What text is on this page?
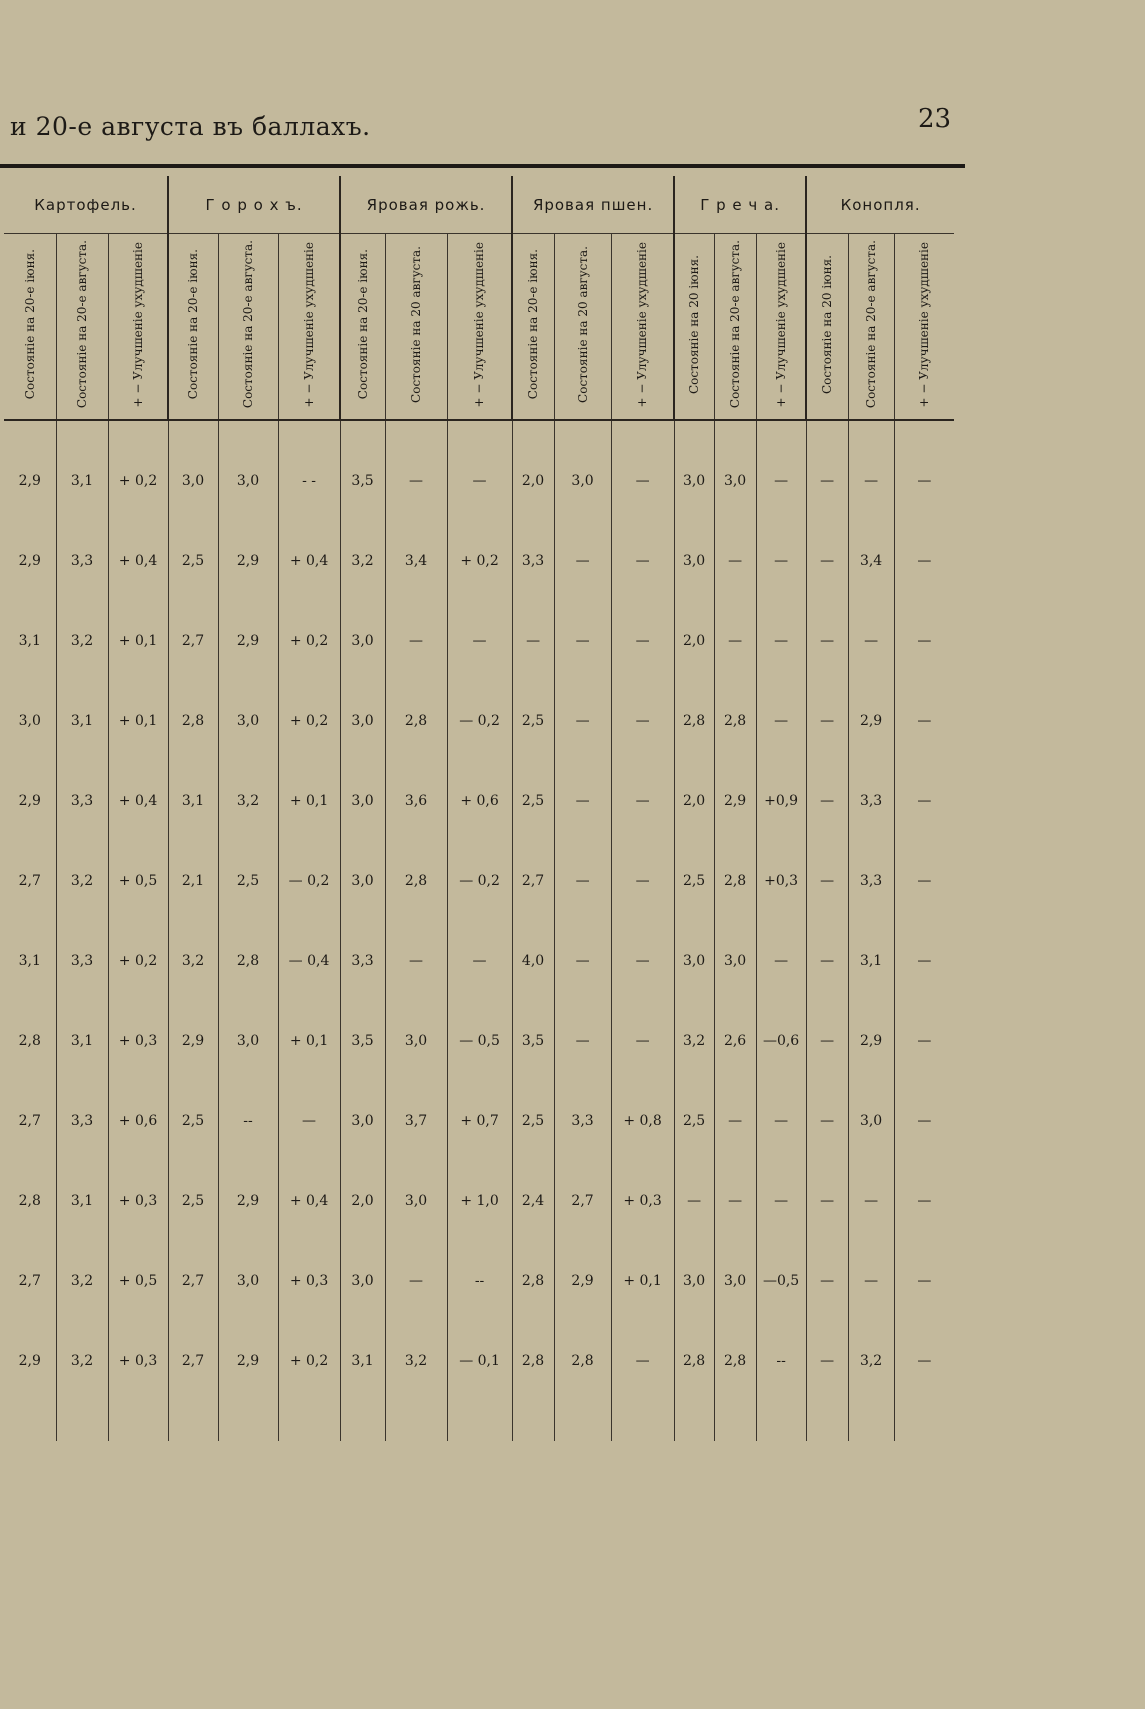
и 20-е августа въ баллахъ.	23
Картофель.			Г о р о х ъ.			Яровая рожь.			Яровая пшен.			Г р е ч а.			Конопля.		
Состояніе на 20-е іюня.	Состояніе на 20-е августа.	+ − Улучшеніе ухудшеніе	Состояніе на 20-е іюня.	Состояніе на 20-е августа.	+ − Улучшеніе ухудшеніе	Состояніе на 20-е іюня.	Состояніе на 20 августа.	+ − Улучшеніе ухудшеніе	Состояніе на 20-е іюня.	Состояніе на 20 августа.	+ − Улучшеніе ухудшеніе	Состояніе на 20 іюня.	Состояніе на 20-е августа.	+ − Улучшеніе ухудшеніе	Состояніе на 20 іюня.	Состояніе на 20-е августа.	+ − Улучшеніе ухудшеніе

2,9	3,1	+ 0,2	3,0	3,0	- -	3,5	—	—	2,0	3,0	—	3,0	3,0	—	—	—	—
2,9	3,3	+ 0,4	2,5	2,9	+ 0,4	3,2	3,4	+ 0,2	3,3	—	—	3,0	—	—	—	3,4	—
3,1	3,2	+ 0,1	2,7	2,9	+ 0,2	3,0	—	—	—	—	—	2,0	—	—	—	—	—
3,0	3,1	+ 0,1	2,8	3,0	+ 0,2	3,0	2,8	— 0,2	2,5	—	—	2,8	2,8	—	—	2,9	—
2,9	3,3	+ 0,4	3,1	3,2	+ 0,1	3,0	3,6	+ 0,6	2,5	—	—	2,0	2,9	+0,9	—	3,3	—
2,7	3,2	+ 0,5	2,1	2,5	— 0,2	3,0	2,8	— 0,2	2,7	—	—	2,5	2,8	+0,3	—	3,3	—
3,1	3,3	+ 0,2	3,2	2,8	— 0,4	3,3	—	—	4,0	—	—	3,0	3,0	—	—	3,1	—
2,8	3,1	+ 0,3	2,9	3,0	+ 0,1	3,5	3,0	— 0,5	3,5	—	—	3,2	2,6	—0,6	—	2,9	—
2,7	3,3	+ 0,6	2,5	--	—	3,0	3,7	+ 0,7	2,5	3,3	+ 0,8	2,5	—	—	—	3,0	—
2,8	3,1	+ 0,3	2,5	2,9	+ 0,4	2,0	3,0	+ 1,0	2,4	2,7	+ 0,3	—	—	—	—	—	—
2,7	3,2	+ 0,5	2,7	3,0	+ 0,3	3,0	—	--	2,8	2,9	+ 0,1	3,0	3,0	—0,5	—	—	—
2,9	3,2	+ 0,3	2,7	2,9	+ 0,2	3,1	3,2	— 0,1	2,8	2,8	—	2,8	2,8	--	—	3,2	—
